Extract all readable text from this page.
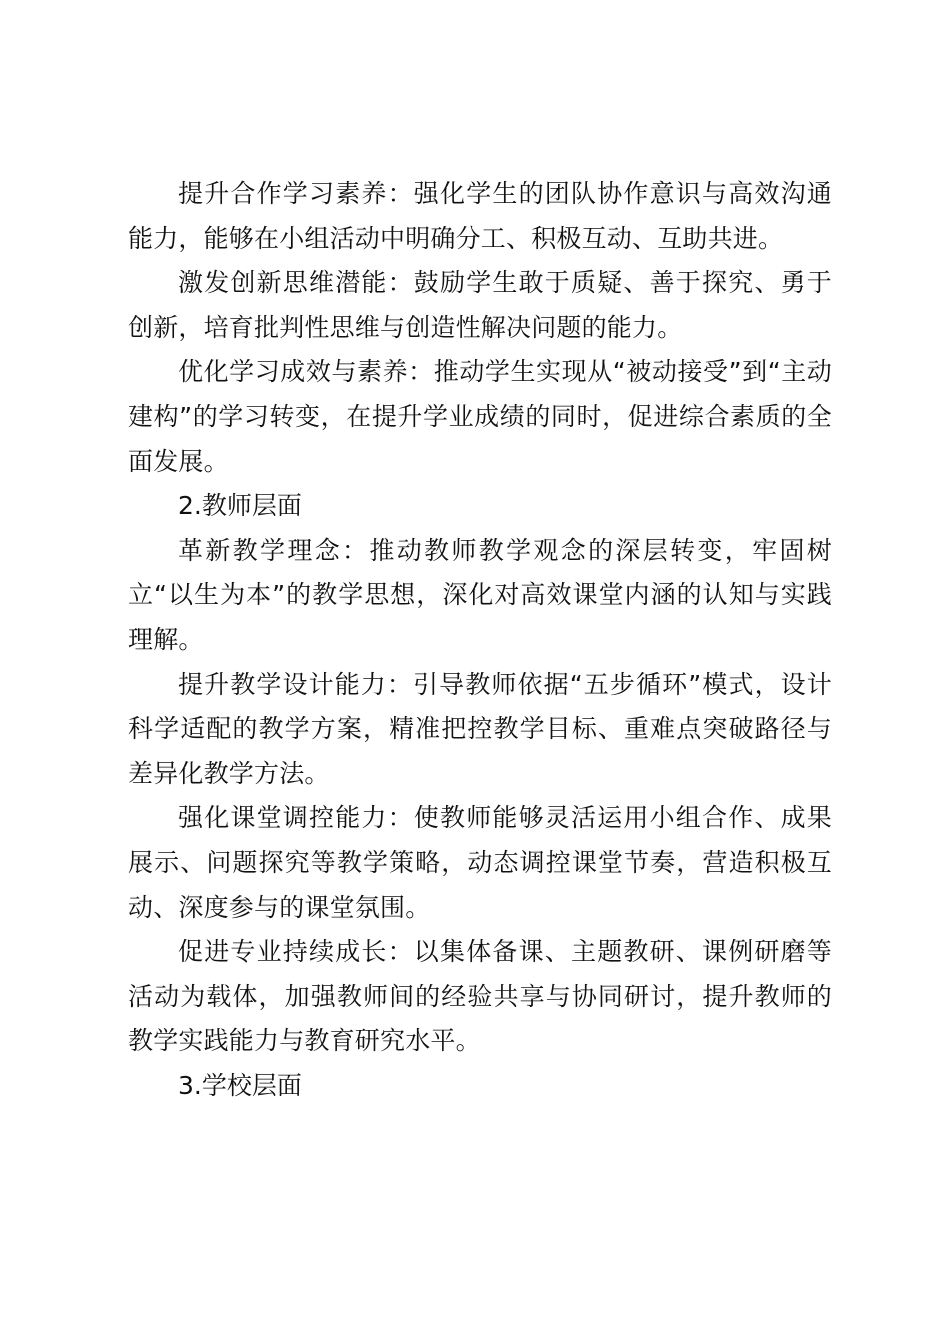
提升合作学习素养：强化学生的团队协作意识与高效沟通能力，能够在小组活动中明确分工、积极互动、互助共进。

激发创新思维潜能：鼓励学生敢于质疑、善于探究、勇于创新，培育批判性思维与创造性解决问题的能力。

优化学习成效与素养：推动学生实现从“被动接受”到“主动建构”的学习转变，在提升学业成绩的同时，促进综合素质的全面发展。

2.教师层面

革新教学理念：推动教师教学观念的深层转变，牢固树立“以生为本”的教学思想，深化对高效课堂内涵的认知与实践理解。

提升教学设计能力：引导教师依据“五步循环”模式，设计科学适配的教学方案，精准把控教学目标、重难点突破路径与差异化教学方法。

强化课堂调控能力：使教师能够灵活运用小组合作、成果展示、问题探究等教学策略，动态调控课堂节奏，营造积极互动、深度参与的课堂氛围。

促进专业持续成长：以集体备课、主题教研、课例研磨等活动为载体，加强教师间的经验共享与协同研讨，提升教师的教学实践能力与教育研究水平。

3.学校层面
